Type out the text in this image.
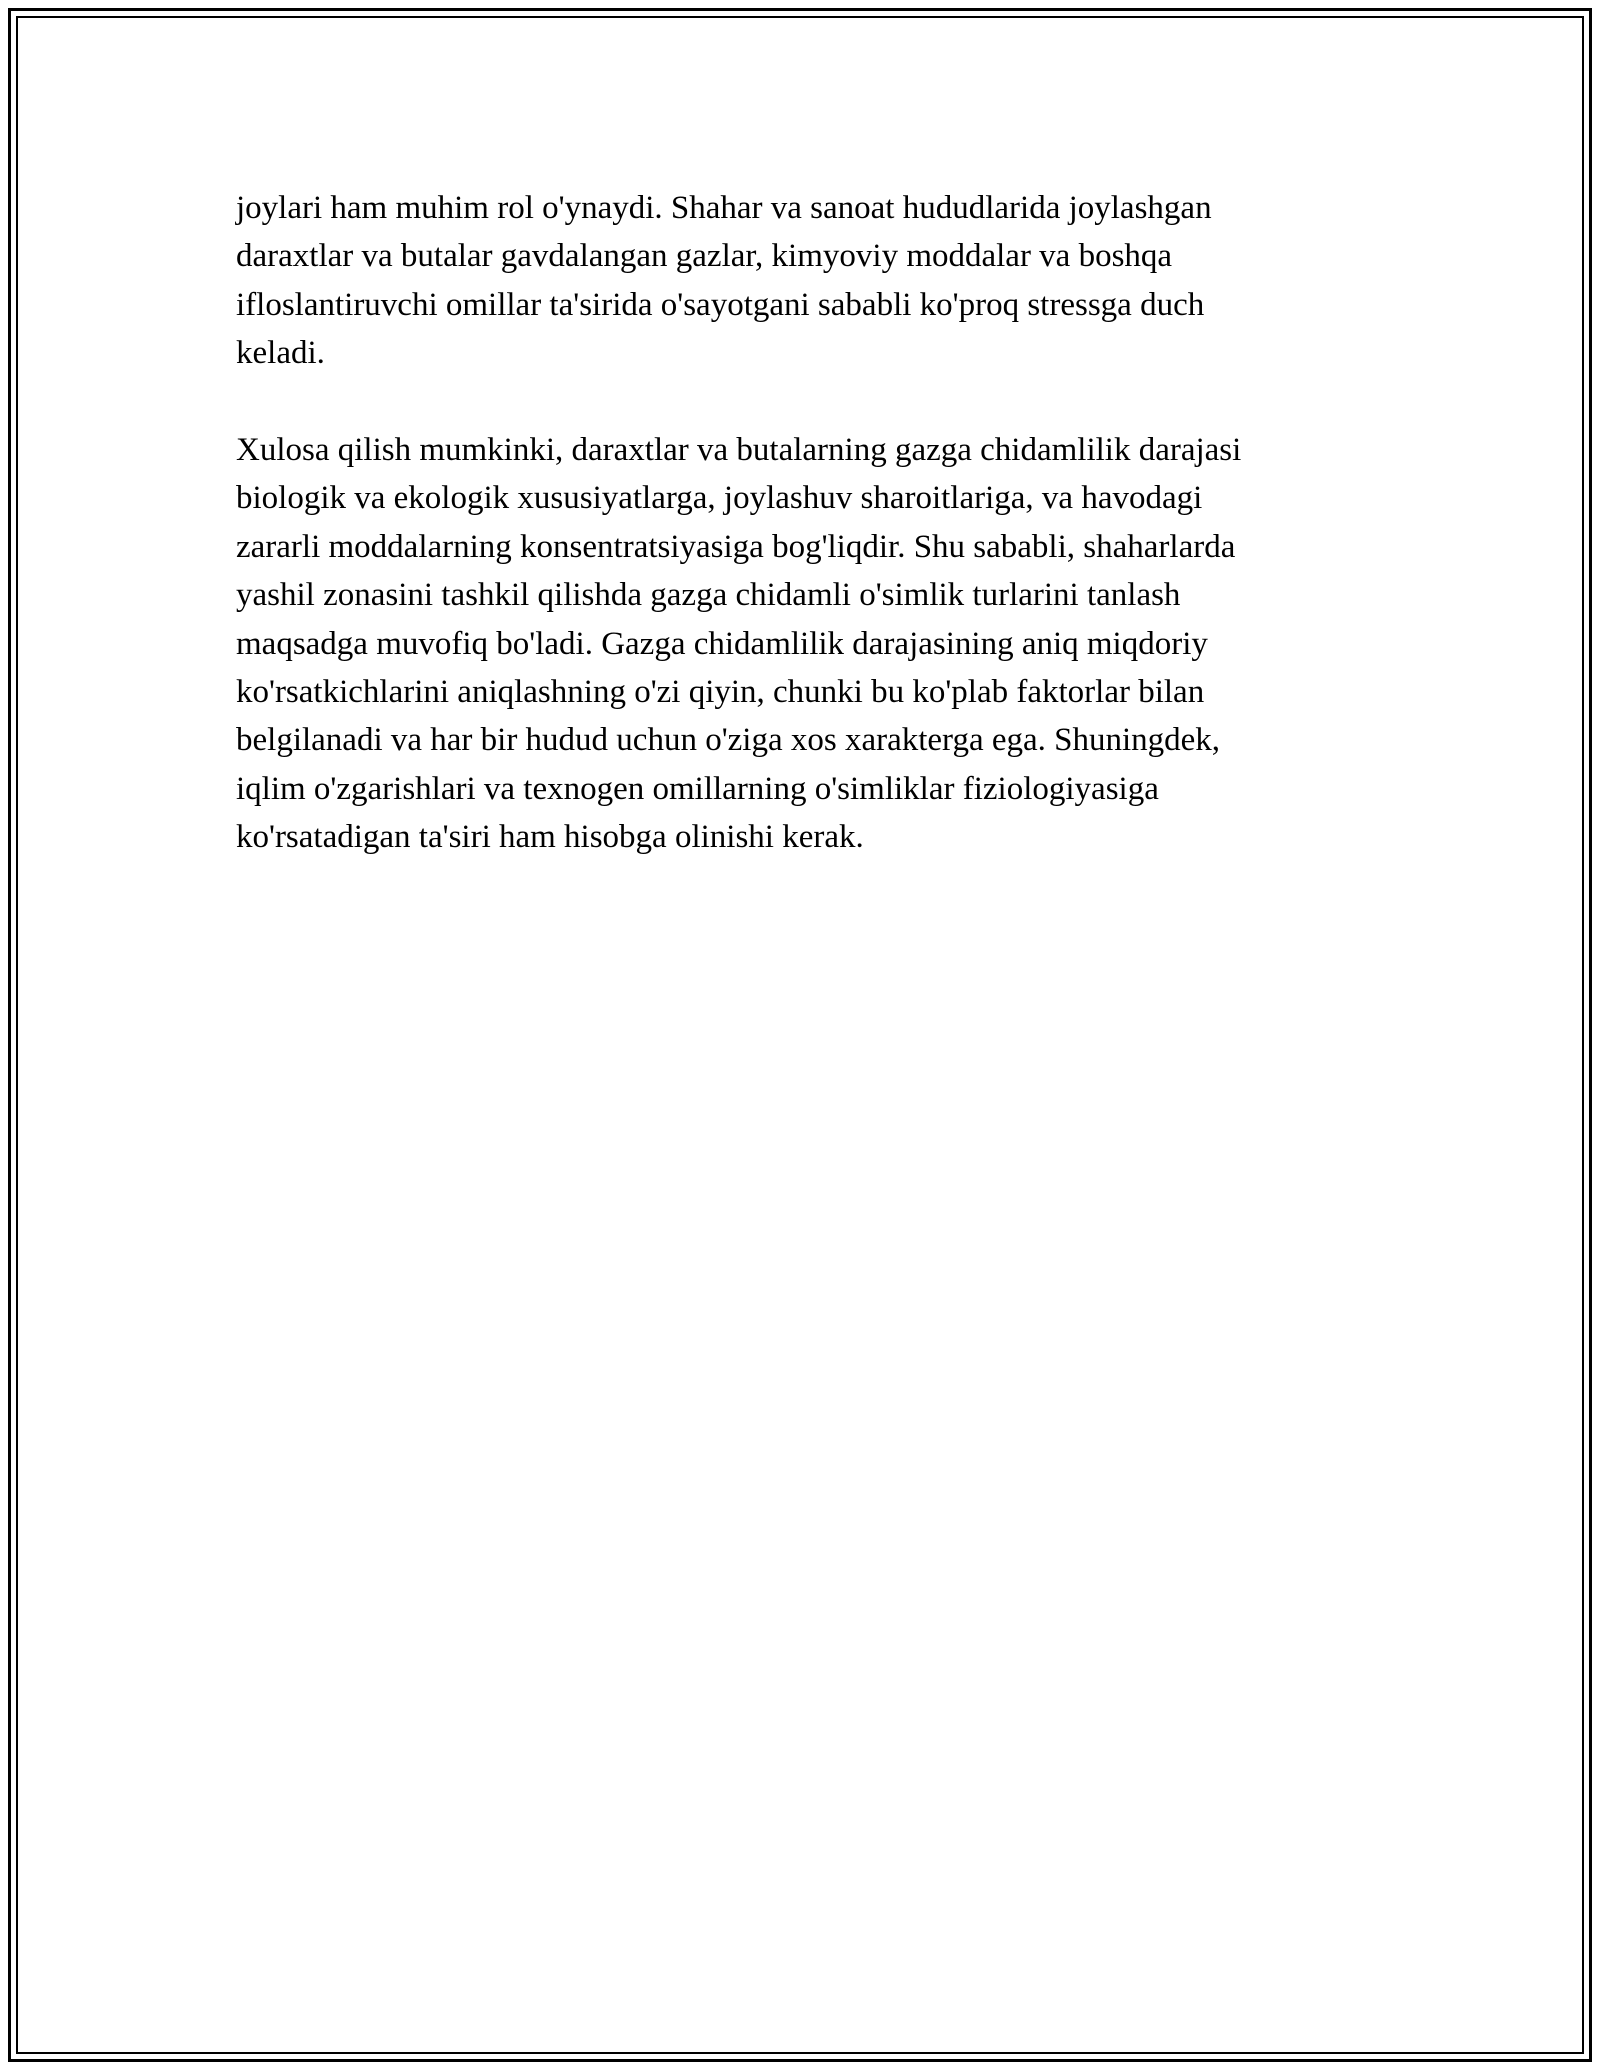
joylari ham muhim rol o'ynaydi. Shahar va sanoat hududlarida joylashgan
daraxtlar va butalar gavdalangan gazlar, kimyoviy moddalar va boshqa
ifloslantiruvchi omillar ta'sirida o'sayotgani sababli ko'proq stressga duch
keladi.

Xulosa qilish mumkinki, daraxtlar va butalarning gazga chidamlilik darajasi
biologik va ekologik xususiyatlarga, joylashuv sharoitlariga, va havodagi
zararli moddalarning konsentratsiyasiga bog'liqdir. Shu sababli, shaharlarda
yashil zonasini tashkil qilishda gazga chidamli o'simlik turlarini tanlash
maqsadga muvofiq bo'ladi. Gazga chidamlilik darajasining aniq miqdoriy
ko'rsatkichlarini aniqlashning o'zi qiyin, chunki bu ko'plab faktorlar bilan
belgilanadi va har bir hudud uchun o'ziga xos xarakterga ega. Shuningdek,
iqlim o'zgarishlari va texnogen omillarning o'simliklar fiziologiyasiga
ko'rsatadigan ta'siri ham hisobga olinishi kerak.
